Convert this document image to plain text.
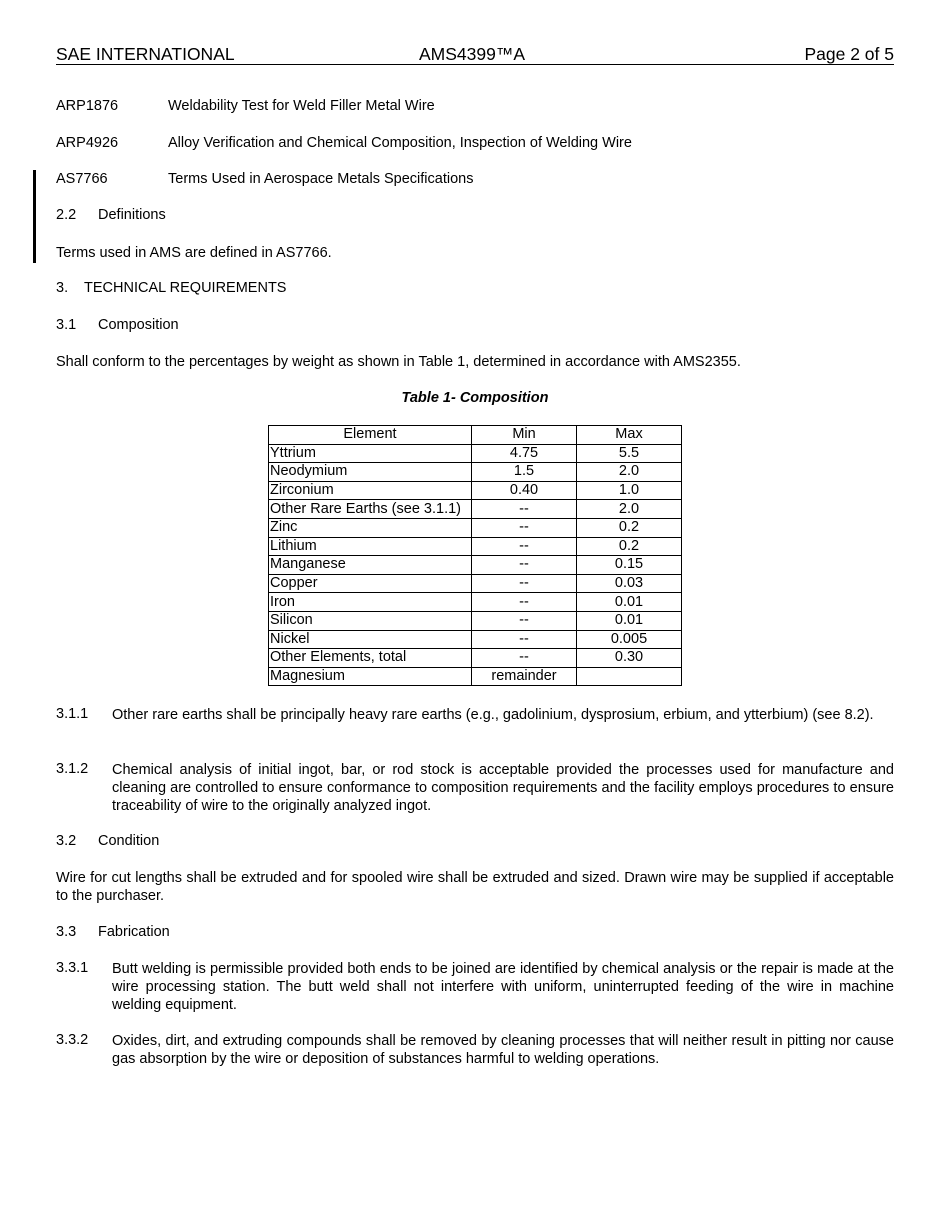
SAE INTERNATIONAL	AMS4399™A	Page 2 of 5
ARP1876	Weldability Test for Weld Filler Metal Wire
ARP4926	Alloy Verification and Chemical Composition, Inspection of Welding Wire
AS7766	Terms Used in Aerospace Metals Specifications
2.2 Definitions
Terms used in AMS are defined in AS7766.
3. TECHNICAL REQUIREMENTS
3.1 Composition
Shall conform to the percentages by weight as shown in Table 1, determined in accordance with AMS2355.
Table 1- Composition
Element	Min	Max
Yttrium	4.75	5.5
Neodymium	1.5	2.0
Zirconium	0.40	1.0
Other Rare Earths (see 3.1.1)	--	2.0
Zinc	--	0.2
Lithium	--	0.2
Manganese	--	0.15
Copper	--	0.03
Iron	--	0.01
Silicon	--	0.01
Nickel	--	0.005
Other Elements, total	--	0.30
Magnesium	remainder	
3.1.1 Other rare earths shall be principally heavy rare earths (e.g., gadolinium, dysprosium, erbium, and ytterbium) (see 8.2).
3.1.2 Chemical analysis of initial ingot, bar, or rod stock is acceptable provided the processes used for manufacture and cleaning are controlled to ensure conformance to composition requirements and the facility employs procedures to ensure traceability of wire to the originally analyzed ingot.
3.2 Condition
Wire for cut lengths shall be extruded and for spooled wire shall be extruded and sized. Drawn wire may be supplied if acceptable to the purchaser.
3.3 Fabrication
3.3.1 Butt welding is permissible provided both ends to be joined are identified by chemical analysis or the repair is made at the wire processing station. The butt weld shall not interfere with uniform, uninterrupted feeding of the wire in machine welding equipment.
3.3.2 Oxides, dirt, and extruding compounds shall be removed by cleaning processes that will neither result in pitting nor cause gas absorption by the wire or deposition of substances harmful to welding operations.
